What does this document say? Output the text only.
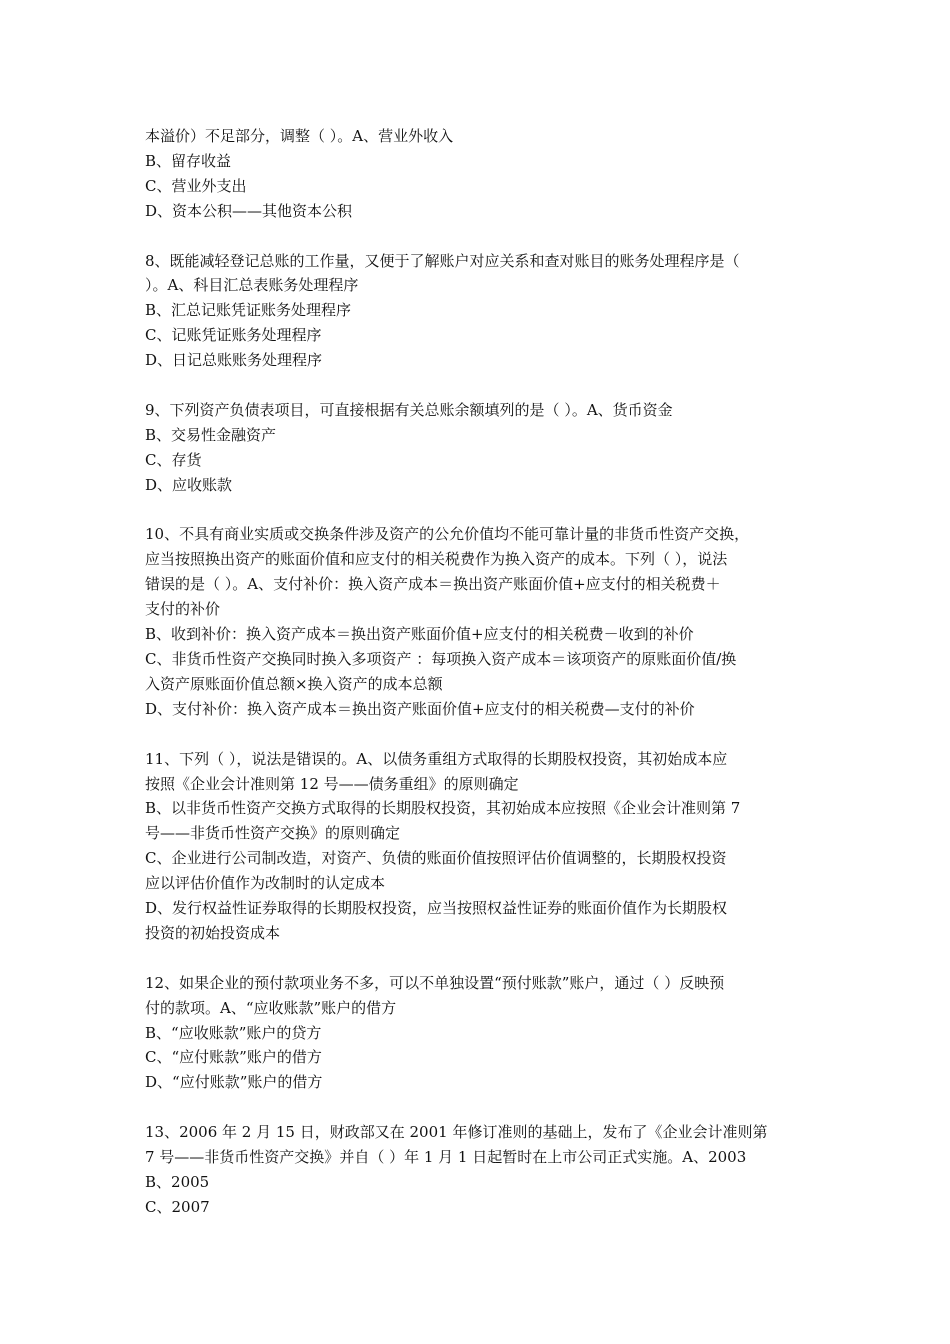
本溢价）不足部分，调整（ ）。A、营业外收入

B、留存收益

C、营业外支出

D、资本公积——其他资本公积

8、既能减轻登记总账的工作量，又便于了解账户对应关系和查对账目的账务处理程序是（

）。A、科目汇总表账务处理程序

B、汇总记账凭证账务处理程序

C、记账凭证账务处理程序

D、日记总账账务处理程序

9、下列资产负债表项目，可直接根据有关总账余额填列的是（ ）。A、货币资金

B、交易性金融资产

C、存货

D、应收账款

10、不具有商业实质或交换条件涉及资产的公允价值均不能可靠计量的非货币性资产交换，

应当按照换出资产的账面价值和应支付的相关税费作为换入资产的成本。下列（ ），说法

错误的是（ ）。A、支付补价：换入资产成本＝换出资产账面价值+应支付的相关税费＋

支付的补价

B、收到补价：换入资产成本＝换出资产账面价值+应支付的相关税费－收到的补价

C、非货币性资产交换同时换入多项资产 ：每项换入资产成本＝该项资产的原账面价值/换

入资产原账面价值总额×换入资产的成本总额

D、支付补价：换入资产成本＝换出资产账面价值+应支付的相关税费—支付的补价

11、下列（ ），说法是错误的。A、以债务重组方式取得的长期股权投资，其初始成本应

按照《企业会计准则第 12 号——债务重组》的原则确定

B、以非货币性资产交换方式取得的长期股权投资，其初始成本应按照《企业会计准则第 7

号——非货币性资产交换》的原则确定

C、企业进行公司制改造，对资产、负债的账面价值按照评估价值调整的，长期股权投资

应以评估价值作为改制时的认定成本

D、发行权益性证券取得的长期股权投资，应当按照权益性证券的账面价值作为长期股权

投资的初始投资成本

12、如果企业的预付款项业务不多，可以不单独设置“预付账款”账户，通过（ ）反映预

付的款项。A、“应收账款”账户的借方

B、“应收账款”账户的贷方

C、“应付账款”账户的借方

D、“应付账款”账户的借方

13、2006 年 2 月 15 日，财政部又在 2001 年修订准则的基础上，发布了《企业会计准则第

7 号——非货币性资产交换》并自（ ）年 1 月 1 日起暂时在上市公司正式实施。A、2003

B、2005

C、2007
